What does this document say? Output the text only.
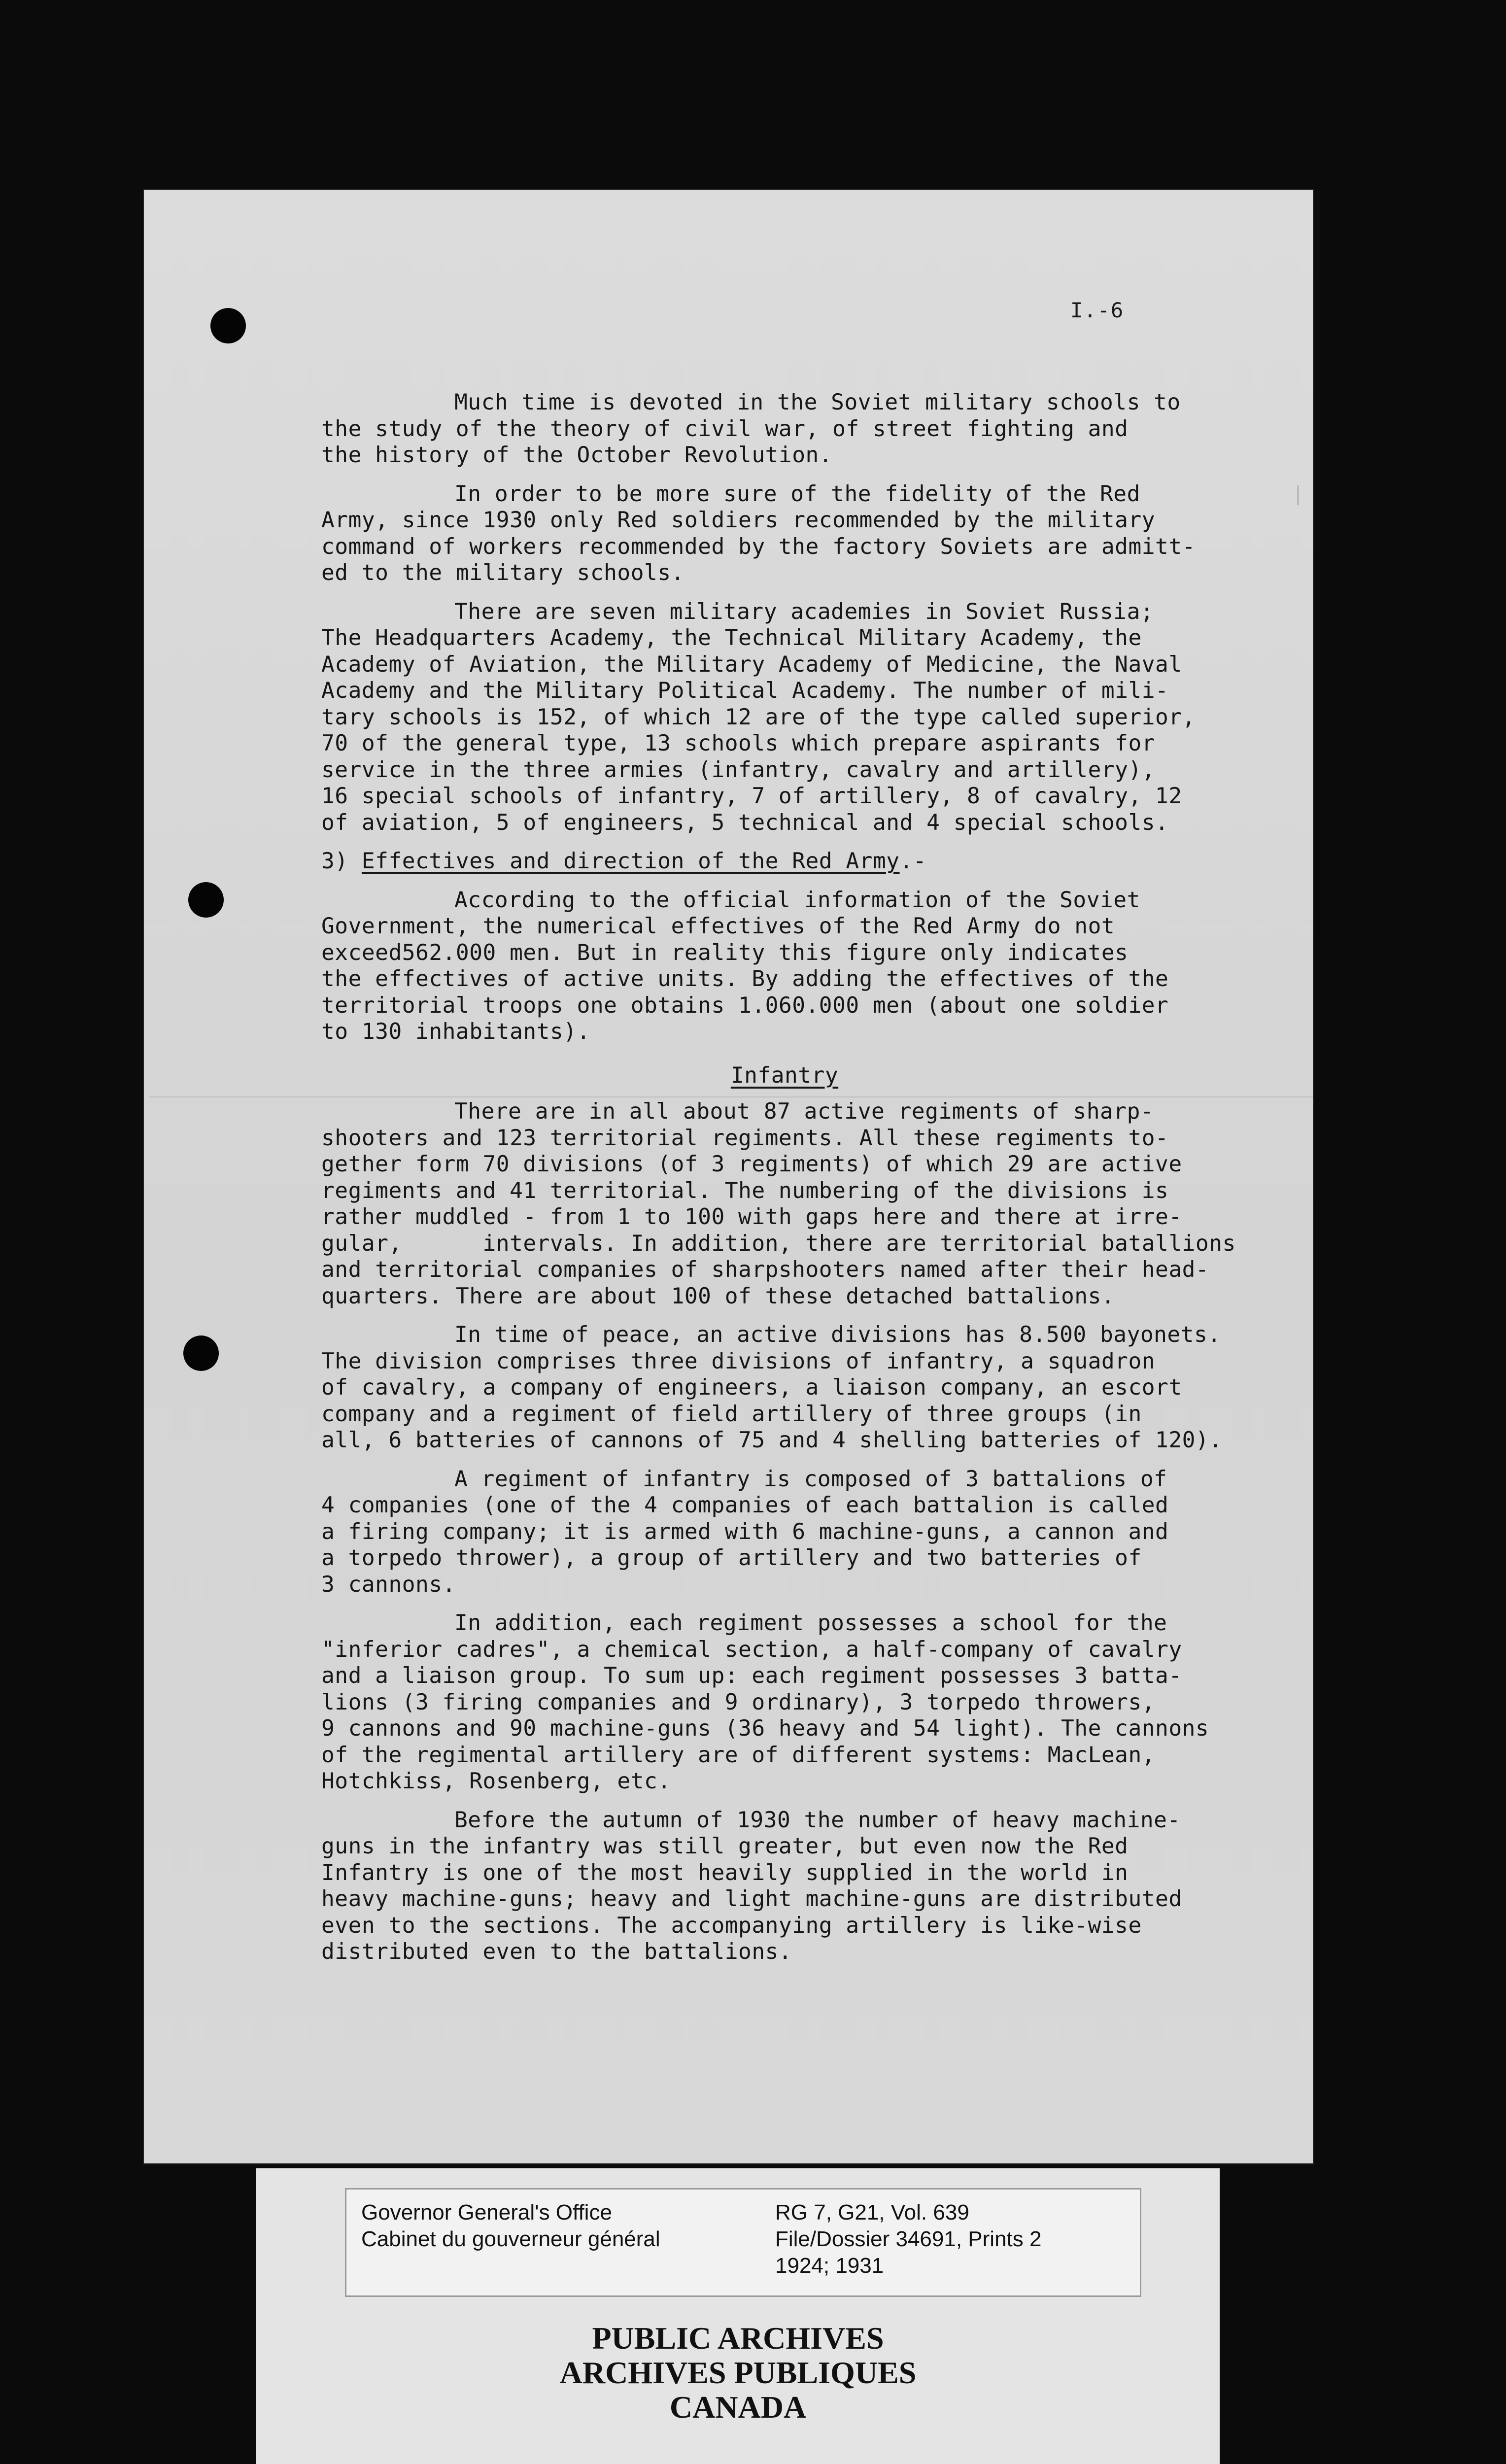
I.-6

Much time is devoted in the Soviet military schools to
the study of the theory of civil war, of street fighting and
the history of the October Revolution.

In order to be more sure of the fidelity of the Red
Army, since 1930 only Red soldiers recommended by the military
command of workers recommended by the factory Soviets are admitt-
ed to the military schools.

There are seven military academies in Soviet Russia;
The Headquarters Academy, the Technical Military Academy, the
Academy of Aviation, the Military Academy of Medicine, the Naval
Academy and the Military Political Academy. The number of mili-
tary schools is 152, of which 12 are of the type called superior,
70 of the general type, 13 schools which prepare aspirants for
service in the three armies (infantry, cavalry and artillery),
16 special schools of infantry, 7 of artillery, 8 of cavalry, 12
of aviation, 5 of engineers, 5 technical and 4 special schools.

3) Effectives and direction of the Red Army.-

According to the official information of the Soviet
Government, the numerical effectives of the Red Army do not
exceed562.000 men. But in reality this figure only indicates
the effectives of active units. By adding the effectives of the
territorial troops one obtains 1.060.000 men (about one soldier
to 130 inhabitants).

Infantry

There are in all about 87 active regiments of sharp-
shooters and 123 territorial regiments. All these regiments to-
gether form 70 divisions (of 3 regiments) of which 29 are active
regiments and 41 territorial. The numbering of the divisions is
rather muddled - from 1 to 100 with gaps here and there at irre-
gular,      intervals. In addition, there are territorial batallions
and territorial companies of sharpshooters named after their head-
quarters. There are about 100 of these detached battalions.

In time of peace, an active divisions has 8.500 bayonets.
The division comprises three divisions of infantry, a squadron
of cavalry, a company of engineers, a liaison company, an escort
company and a regiment of field artillery of three groups (in
all, 6 batteries of cannons of 75 and 4 shelling batteries of 120).

A regiment of infantry is composed of 3 battalions of
4 companies (one of the 4 companies of each battalion is called
a firing company; it is armed with 6 machine-guns, a cannon and
a torpedo thrower), a group of artillery and two batteries of
3 cannons.

In addition, each regiment possesses a school for the
"inferior cadres", a chemical section, a half-company of cavalry
and a liaison group. To sum up: each regiment possesses 3 batta-
lions (3 firing companies and 9 ordinary), 3 torpedo throwers,
9 cannons and 90 machine-guns (36 heavy and 54 light). The cannons
of the regimental artillery are of different systems: MacLean,
Hotchkiss, Rosenberg, etc.

Before the autumn of 1930 the number of heavy machine-
guns in the infantry was still greater, but even now the Red
Infantry is one of the most heavily supplied in the world in
heavy machine-guns; heavy and light machine-guns are distributed
even to the sections. The accompanying artillery is like-wise
distributed even to the battalions.

Governor General's Office
Cabinet du gouverneur général
RG 7, G21, Vol. 639
File/Dossier 34691, Prints 2
1924; 1931
PUBLIC ARCHIVES
ARCHIVES PUBLIQUES
CANADA
